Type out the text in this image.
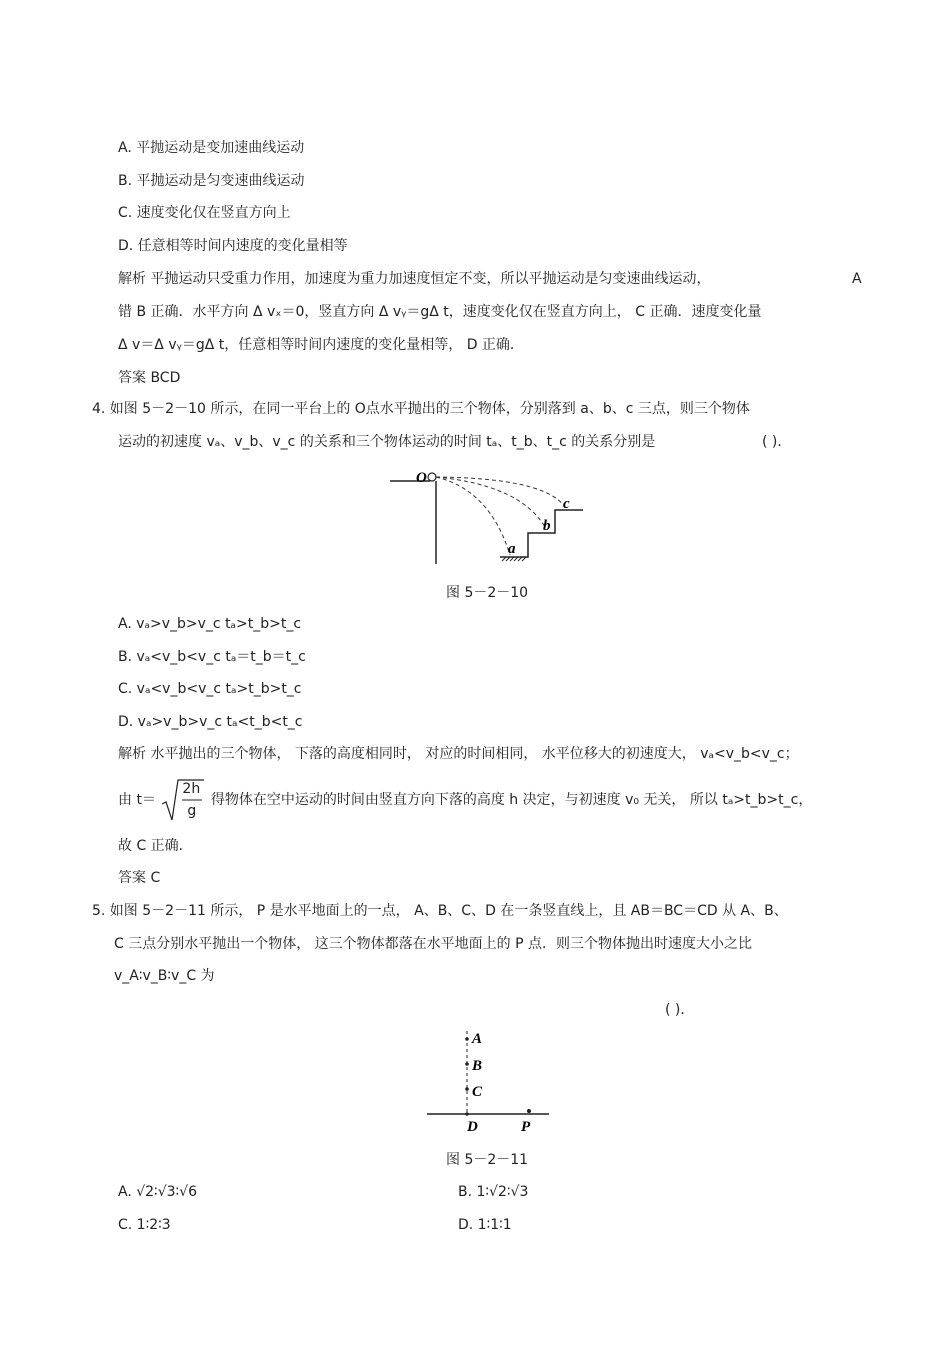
A. 平抛运动是变加速曲线运动
B. 平抛运动是匀变速曲线运动
C. 速度变化仅在竖直方向上
D. 任意相等时间内速度的变化量相等
解析 平抛运动只受重力作用，加速度为重力加速度恒定不变，所以平抛运动是匀变速曲线运动，	A
错 B 正确．水平方向 Δ vₓ＝0，竖直方向 Δ vᵧ＝gΔ t，速度变化仅在竖直方向上， C 正确．速度变化量
Δ v＝Δ vᵧ＝gΔ t，任意相等时间内速度的变化量相等， D 正确．
答案 BCD
4. 如图 5－2－10 所示，在同一平台上的 O点水平抛出的三个物体，分别落到 a、b、c 三点，则三个物体
运动的初速度 vₐ、v_b、v_c 的关系和三个物体运动的时间 tₐ、t_b、t_c 的关系分别是	( )．
O
a
b
c
图 5－2－10
A. vₐ>v_b>v_c tₐ>t_b>t_c
B. vₐ<v_b<v_c tₐ＝t_b＝t_c
C. vₐ<v_b<v_c tₐ>t_b>t_c
D. vₐ>v_b>v_c tₐ<t_b<t_c
解析 水平抛出的三个物体， 下落的高度相同时， 对应的时间相同， 水平位移大的初速度大， vₐ<v_b<v_c；
由 t＝
2h
g
得物体在空中运动的时间由竖直方向下落的高度 h 决定，与初速度 v₀ 无关， 所以 tₐ>t_b>t_c，
故 C 正确．
答案 C
5. 如图 5－2－11 所示， P 是水平地面上的一点， A、B、C、D 在一条竖直线上，且 AB＝BC＝CD 从 A、B、
C 三点分别水平抛出一个物体， 这三个物体都落在水平地面上的 P 点．则三个物体抛出时速度大小之比
v_A∶v_B∶v_C 为
( )．
A
B
C
D	P
图 5－2－11
A. √2∶√3∶√6	B. 1∶√2∶√3
C. 1∶2∶3	D. 1∶1∶1
